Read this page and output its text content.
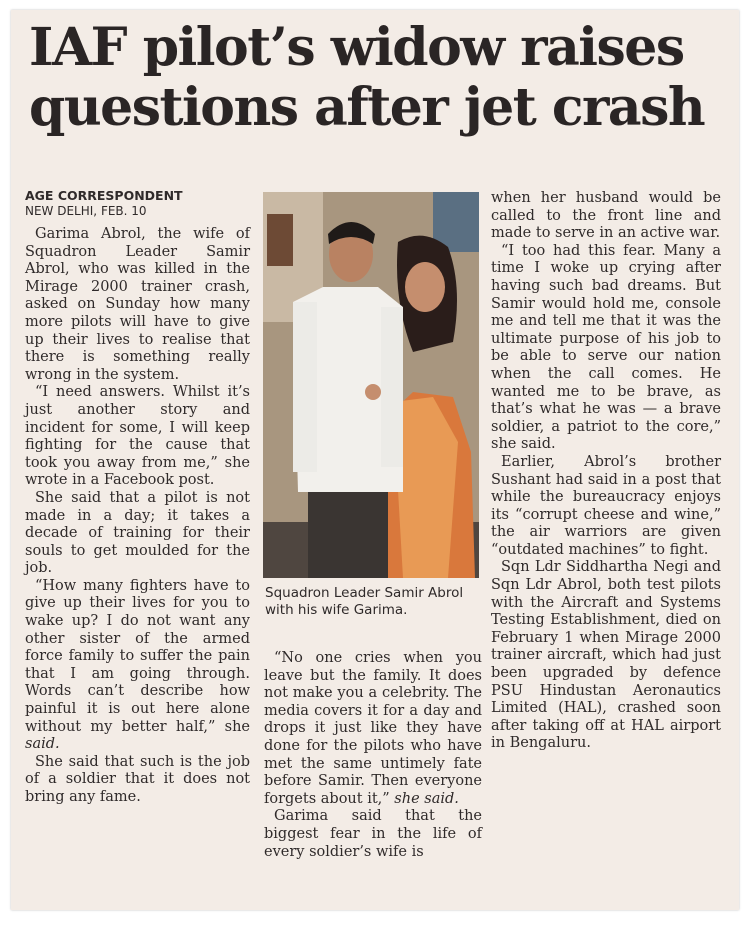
IAF pilot’s widow raises
questions after jet crash
AGE CORRESPONDENT
NEW DELHI, FEB. 10

Garima Abrol, the wife of Squadron Leader Samir Abrol, who was killed in the Mirage 2000 trainer crash, asked on Sunday how many more pilots will have to give up their lives to realise that there is something really wrong in the system.

“I need answers. Whilst it’s just another story and incident for some, I will keep fighting for the cause that took you away from me,” she wrote in a Facebook post.

She said that a pilot is not made in a day; it takes a decade of training for their souls to get moulded for the job.

“How many fighters have to give up their lives for you to wake up? I do not want any other sister of the armed force family to suffer the pain that I am going through. Words can’t describe how painful it is out here alone without my better half,” she said.

She said that such is the job of a soldier that it does not bring any fame.

Squadron Leader Samir Abrol with his wife Garima.

“No one cries when you leave but the family. It does not make you a celebrity. The media covers it for a day and drops it just like they have done for the pilots who have met the same untimely fate before Samir. Then everyone forgets about it,” she said.

Garima said that the biggest fear in the life of every soldier’s wife is

when her husband would be called to the front line and made to serve in an active war.

“I too had this fear. Many a time I woke up crying after having such bad dreams. But Samir would hold me, console me and tell me that it was the ultimate purpose of his job to be able to serve our nation when the call comes. He wanted me to be brave, as that’s what he was — a brave soldier, a patriot to the core,” she said.

Earlier, Abrol’s brother Sushant had said in a post that while the bureaucracy enjoys its “corrupt cheese and wine,” the air warriors are given “outdated machines” to fight.

Sqn Ldr Siddhartha Negi and Sqn Ldr Abrol, both test pilots with the Aircraft and Systems Testing Establishment, died on February 1 when Mirage 2000 trainer aircraft, which had just been upgraded by defence PSU Hindustan Aeronautics Limited (HAL), crashed soon after taking off at HAL airport in Bengaluru.
